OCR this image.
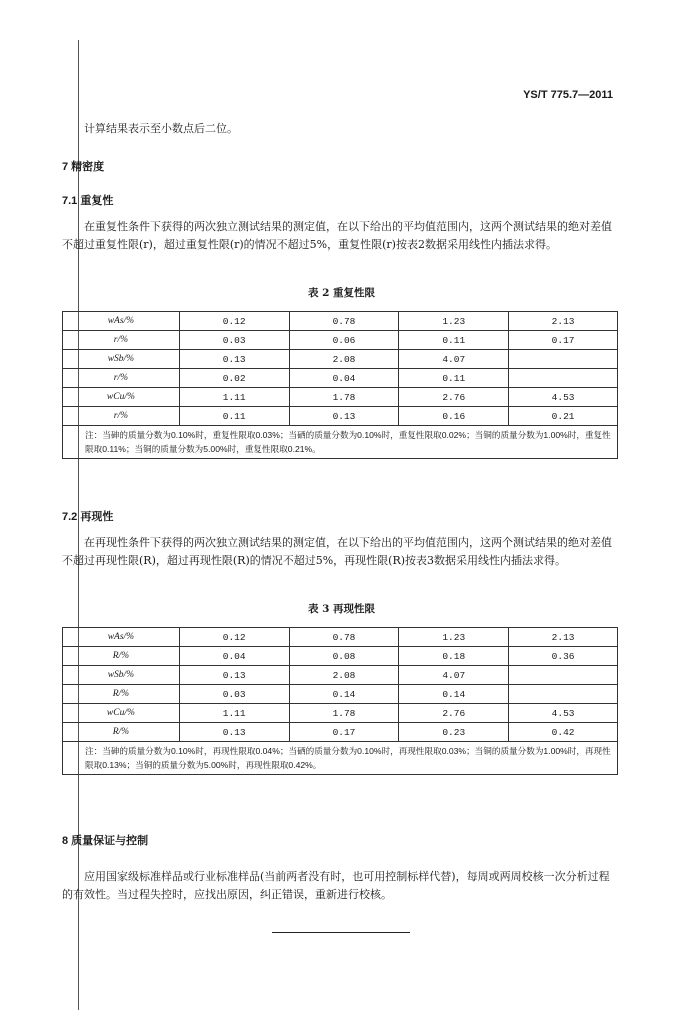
YS/T 775.7—2011
计算结果表示至小数点后二位。
7 精密度
7.1 重复性
在重复性条件下获得的两次独立测试结果的测定值，在以下给出的平均值范围内，这两个测试结果的绝对差值不超过重复性限(r)，超过重复性限(r)的情况不超过5%，重复性限(r)按表2数据采用线性内插法求得。
表 2 重复性限
wAs/%	0.12	0.78	1.23	2.13
r/%	0.03	0.06	0.11	0.17
wSb/%	0.13	2.08	4.07	
r/%	0.02	0.04	0.11	
wCu/%	1.11	1.78	2.76	4.53
r/%	0.11	0.13	0.16	0.21
注：当砷的质量分数为0.10%时，重复性限取0.03%；当硒的质量分数为0.10%时，重复性限取0.02%；当铜的质量分数为1.00%时，重复性限取0.11%；当铜的质量分数为5.00%时，重复性限取0.21%。				
7.2 再现性
在再现性条件下获得的两次独立测试结果的测定值，在以下给出的平均值范围内，这两个测试结果的绝对差值不超过再现性限(R)，超过再现性限(R)的情况不超过5%，再现性限(R)按表3数据采用线性内插法求得。
表 3 再现性限
wAs/%	0.12	0.78	1.23	2.13
R/%	0.04	0.08	0.18	0.36
wSb/%	0.13	2.08	4.07	
R/%	0.03	0.14	0.14	
wCu/%	1.11	1.78	2.76	4.53
R/%	0.13	0.17	0.23	0.42
注：当砷的质量分数为0.10%时，再现性限取0.04%；当硒的质量分数为0.10%时，再现性限取0.03%；当铜的质量分数为1.00%时，再现性限取0.13%；当铜的质量分数为5.00%时，再现性限取0.42%。				
8 质量保证与控制
应用国家级标准样品或行业标准样品(当前两者没有时，也可用控制标样代替)，每周或两周校核一次分析过程的有效性。当过程失控时，应找出原因，纠正错误，重新进行校核。
